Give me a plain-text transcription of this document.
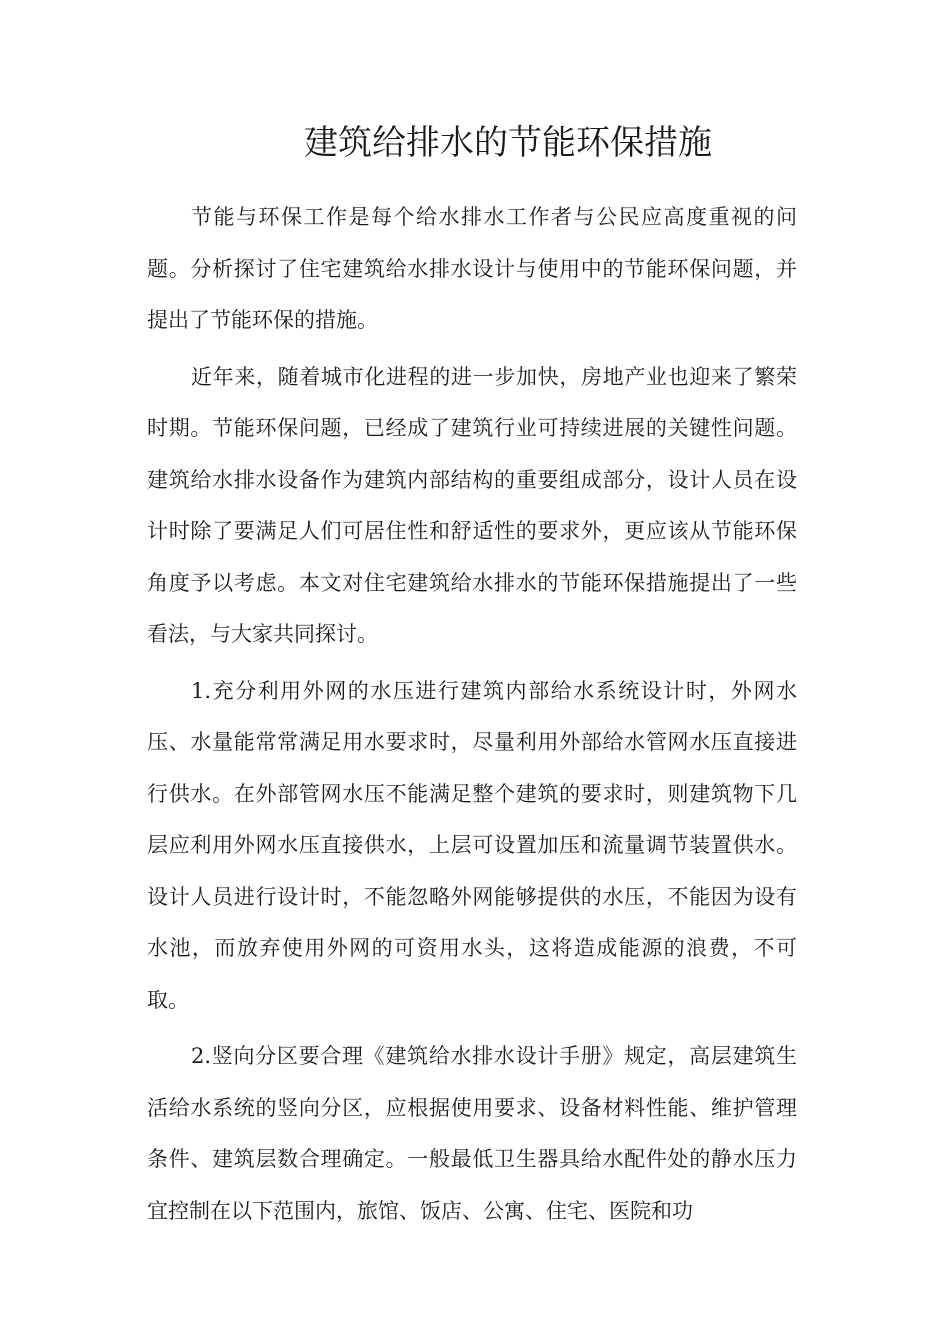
建筑给排水的节能环保措施

节能与环保工作是每个给水排水工作者与公民应高度重视的问题。分析探讨了住宅建筑给水排水设计与使用中的节能环保问题，并提出了节能环保的措施。

近年来，随着城市化进程的进一步加快，房地产业也迎来了繁荣时期。节能环保问题，已经成了建筑行业可持续进展的关键性问题。建筑给水排水设备作为建筑内部结构的重要组成部分，设计人员在设计时除了要满足人们可居住性和舒适性的要求外，更应该从节能环保角度予以考虑。本文对住宅建筑给水排水的节能环保措施提出了一些看法，与大家共同探讨。

1.充分利用外网的水压进行建筑内部给水系统设计时，外网水压、水量能常常满足用水要求时，尽量利用外部给水管网水压直接进行供水。在外部管网水压不能满足整个建筑的要求时，则建筑物下几层应利用外网水压直接供水，上层可设置加压和流量调节装置供水。设计人员进行设计时，不能忽略外网能够提供的水压，不能因为设有水池，而放弃使用外网的可资用水头，这将造成能源的浪费，不可取。

2.竖向分区要合理《建筑给水排水设计手册》规定，高层建筑生活给水系统的竖向分区，应根据使用要求、设备材料性能、维护管理条件、建筑层数合理确定。一般最低卫生器具给水配件处的静水压力宜控制在以下范围内，旅馆、饭店、公寓、住宅、医院和功
